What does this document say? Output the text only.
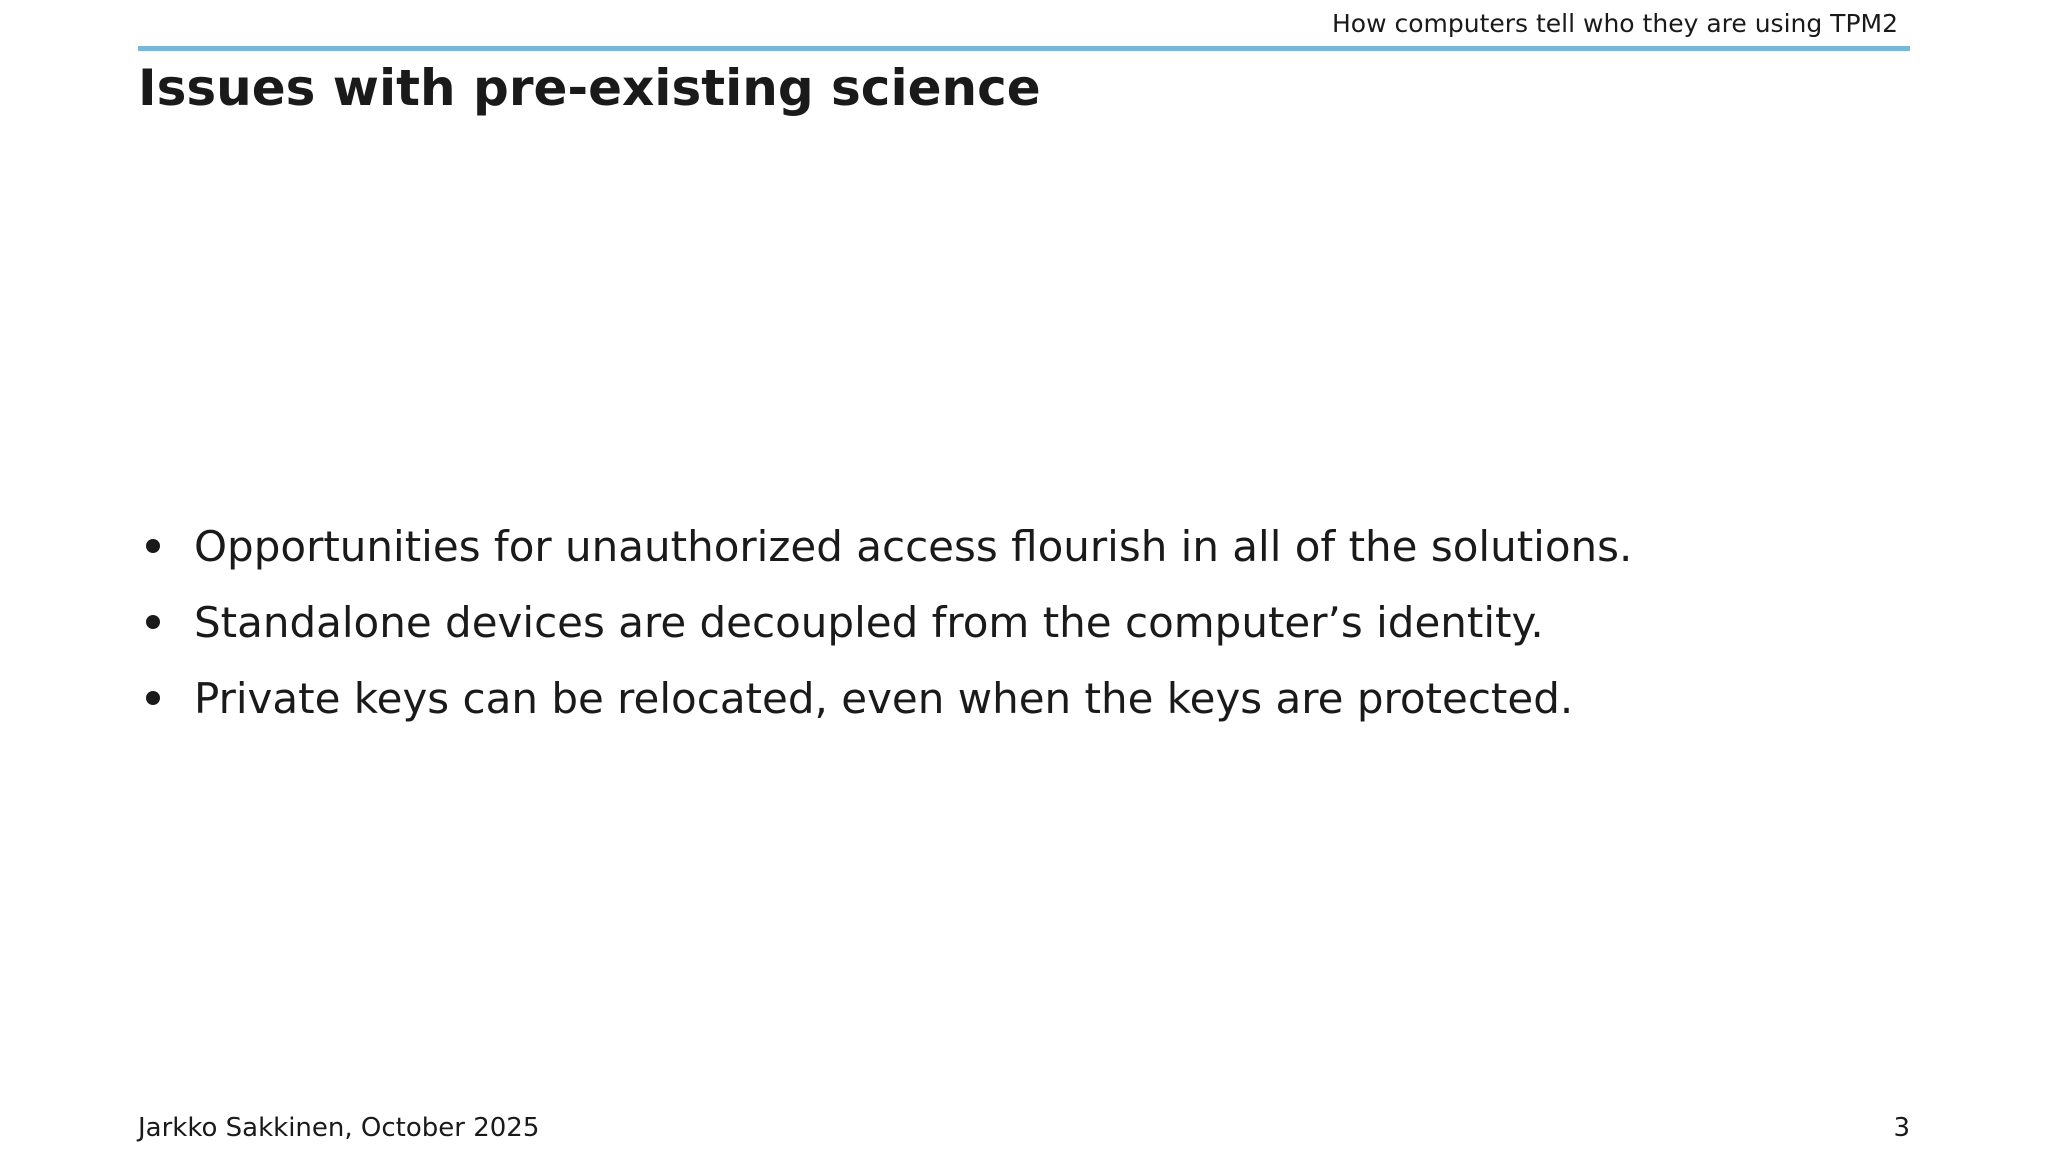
How computers tell who they are using TPM2
Issues with pre-existing science
Opportunities for unauthorized access flourish in all of the solutions.
Standalone devices are decoupled from the computer’s identity.
Private keys can be relocated, even when the keys are protected.
Jarkko Sakkinen, October 2025	3
